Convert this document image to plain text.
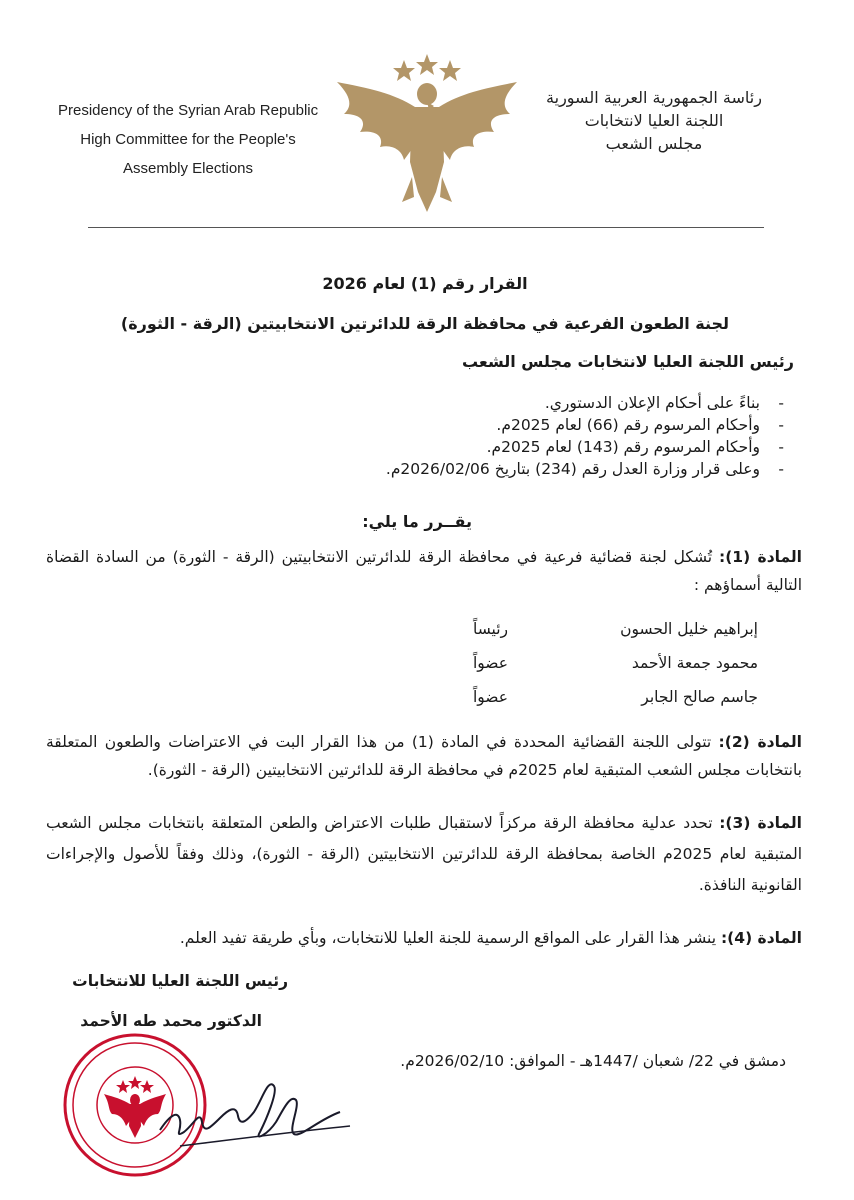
Presidency of the Syrian Arab Republic
High Committee for the People's
Assembly Elections
رئاسة الجمهورية العربية السورية
اللجنة العليا لانتخابات
مجلس الشعب
القرار رقم (1) لعام 2026
لجنة الطعون الفرعية في محافظة الرقة للدائرتين الانتخابيتين (الرقة - الثورة)
رئيس اللجنة العليا لانتخابات مجلس الشعب
-بناءً على أحكام الإعلان الدستوري.
-وأحكام المرسوم رقم (66) لعام 2025م.
-وأحكام المرسوم رقم (143) لعام 2025م.
-وعلى قرار وزارة العدل رقم (234) بتاريخ 2026/02/06م.
يقــرر ما يلي:
المادة (1): تُشكل لجنة قضائية فرعية في محافظة الرقة للدائرتين الانتخابيتين (الرقة - الثورة) من السادة القضاة التالية أسماؤهم :
إبراهيم خليل الحسون
رئيساً
محمود جمعة الأحمد
عضواً
جاسم صالح الجابر
عضواً
المادة (2): تتولى اللجنة القضائية المحددة في المادة (1) من هذا القرار البت في الاعتراضات والطعون المتعلقة بانتخابات مجلس الشعب المتبقية لعام 2025م في محافظة الرقة للدائرتين الانتخابيتين (الرقة - الثورة).
المادة (3): تحدد عدلية محافظة الرقة مركزاً لاستقبال طلبات الاعتراض والطعن المتعلقة بانتخابات مجلس الشعب المتبقية لعام 2025م الخاصة بمحافظة الرقة للدائرتين الانتخابيتين (الرقة - الثورة)، وذلك وفقاً للأصول والإجراءات القانونية النافذة.
المادة (4): ينشر هذا القرار على المواقع الرسمية للجنة العليا للانتخابات، وبأي طريقة تفيد العلم.
رئيس اللجنة العليا للانتخابات
الدكتور محمد طه الأحمد
دمشق في 22/ شعبان /1447هـ - الموافق: 2026/02/10م.
